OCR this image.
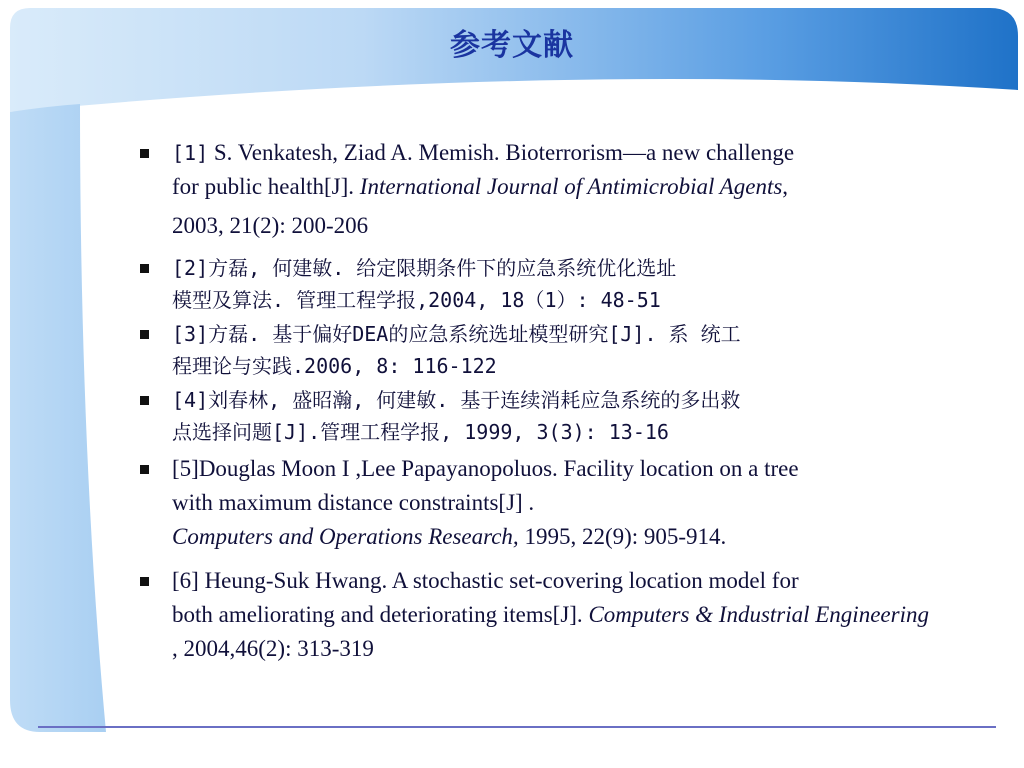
参考文献
[1] S. Venkatesh, Ziad A. Memish. Bioterrorism—a new challenge
for public health[J]. International Journal of Antimicrobial Agents,
2003, 21(2): 200-206
[2]方磊, 何建敏. 给定限期条件下的应急系统优化选址
模型及算法. 管理工程学报,2004, 18（1）: 48-51
[3]方磊. 基于偏好DEA的应急系统选址模型研究[J]. 系 统工
程理论与实践.2006, 8: 116-122
[4]刘春林, 盛昭瀚, 何建敏. 基于连续消耗应急系统的多出救
点选择问题[J].管理工程学报, 1999, 3(3): 13-16
[5]Douglas Moon I ,Lee Papayanopoluos. Facility location on a tree
with maximum distance constraints[J] .
Computers and Operations Research, 1995, 22(9): 905-914.
[6] Heung-Suk Hwang. A stochastic set-covering location model for
both ameliorating and deteriorating items[J]. Computers & Industrial Engineering
, 2004,46(2): 313-319
